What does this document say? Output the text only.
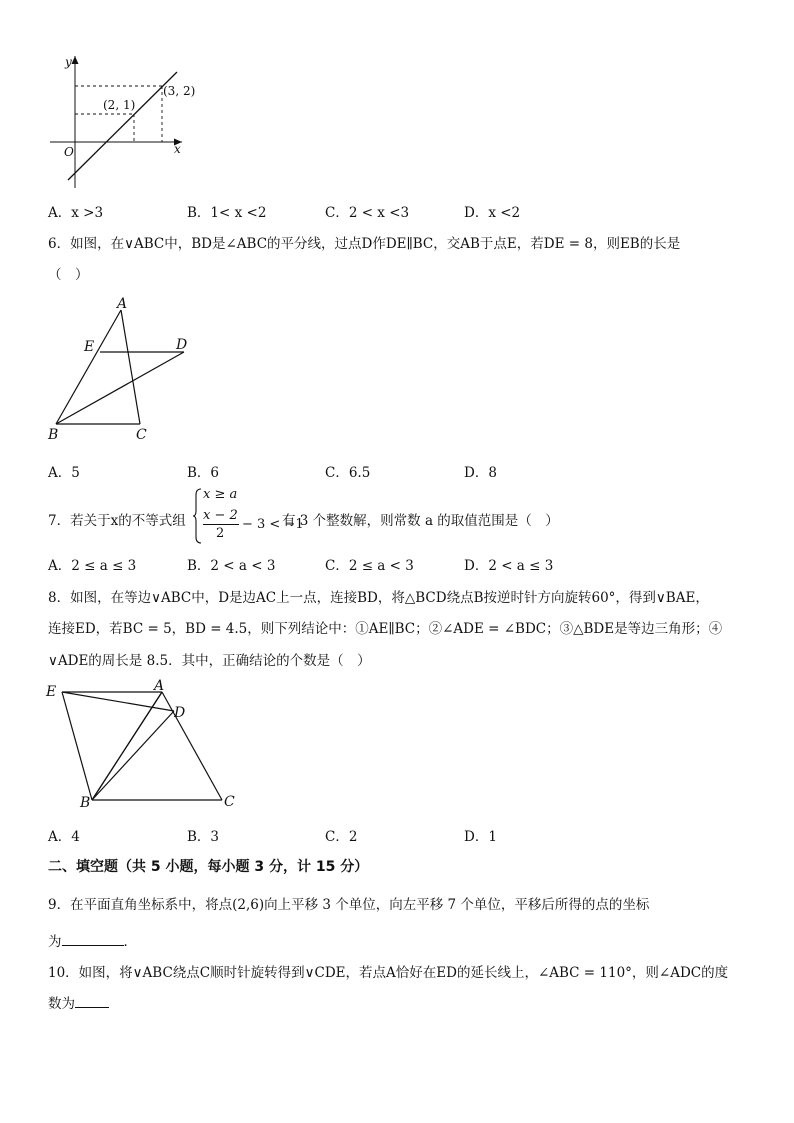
y
x
O
(2, 1)
(3, 2)
A．x >3	B．1< x <2	C．2 < x <3	D．x <2
6．如图，在∨ABC中，BD是∠ABC的平分线，过点D作DE∥BC，交AB于点E，若DE = 8，则EB的长是
（　）
A
E	D
B	C
A．5	B．6	C．6.5	D．8
7．若关于x的不等式组
x ≥ a
x − 2
2
− 3 < −1
有 3 个整数解，则常数 a 的取值范围是（　）
A．2 ≤ a ≤ 3	B．2 < a < 3	C．2 ≤ a < 3	D．2 < a ≤ 3
8．如图，在等边∨ABC中，D是边AC上一点，连接BD，将△BCD绕点B按逆时针方向旋转60°，得到∨BAE，
连接ED，若BC = 5，BD = 4.5，则下列结论中：①AE∥BC；②∠ADE = ∠BDC；③△BDE是等边三角形；④
∨ADE的周长是 8.5．其中，正确结论的个数是（　）
E	A
D
B	C
A．4	B．3	C．2	D．1
二、填空题（共 5 小题，每小题 3 分，计 15 分）
9．在平面直角坐标系中，将点(2,6)向上平移 3 个单位，向左平移 7 个单位，平移后所得的点的坐标
为	．
10．如图，将∨ABC绕点C顺时针旋转得到∨CDE，若点A恰好在ED的延长线上，∠ABC = 110°，则∠ADC的度
数为
